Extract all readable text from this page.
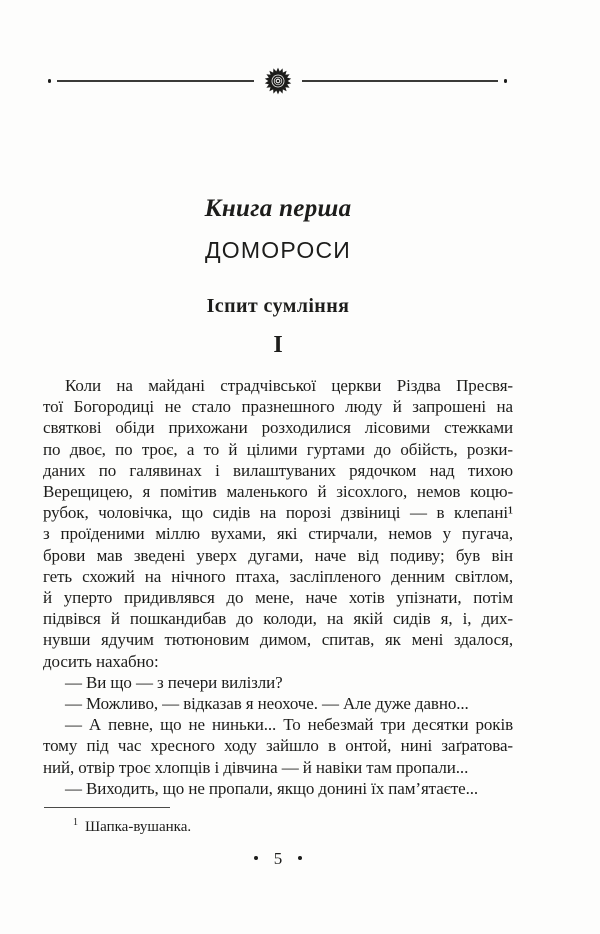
Книга перша
ДОМОРОСИ
Іспит сумління
I
Коли на майдані страдчівської церкви Різдва Пресвя-
тої Богородиці не стало празнешного люду й запрошені на
святкові обіди прихожани розходилися лісовими стежками
по двоє, по троє, а то й цілими гуртами до обійсть, розки-
даних по галявинах і вилаштуваних рядочком над тихою
Верещицею, я помітив маленького й зісохлого, немов коцю-
рубок, чоловічка, що сидів на порозі дзвіниці — в клепані¹
з проїденими міллю вухами, які стирчали, немов у пугача,
брови мав зведені уверх дугами, наче від подиву; був він
геть схожий на нічного птаха, засліпленого денним світлом,
й уперто придивлявся до мене, наче хотів упізнати, потім
підвівся й пошкандибав до колоди, на якій сидів я, і, дих-
нувши ядучим тютюновим димом, спитав, як мені здалося,
досить нахабно:
— Ви що — з печери вилізли?
— Можливо, — відказав я неохоче. — Але дуже давно...
— А певне, що не ниньки... То небезмай три десятки років
тому під час хресного ходу зайшло в онтой, нині заґратова-
ний, отвір троє хлопців і дівчина — й навіки там пропали...
— Виходить, що не пропали, якщо донині їх пам’ятаєте...
$^1$ Шапка-вушанка.
5
